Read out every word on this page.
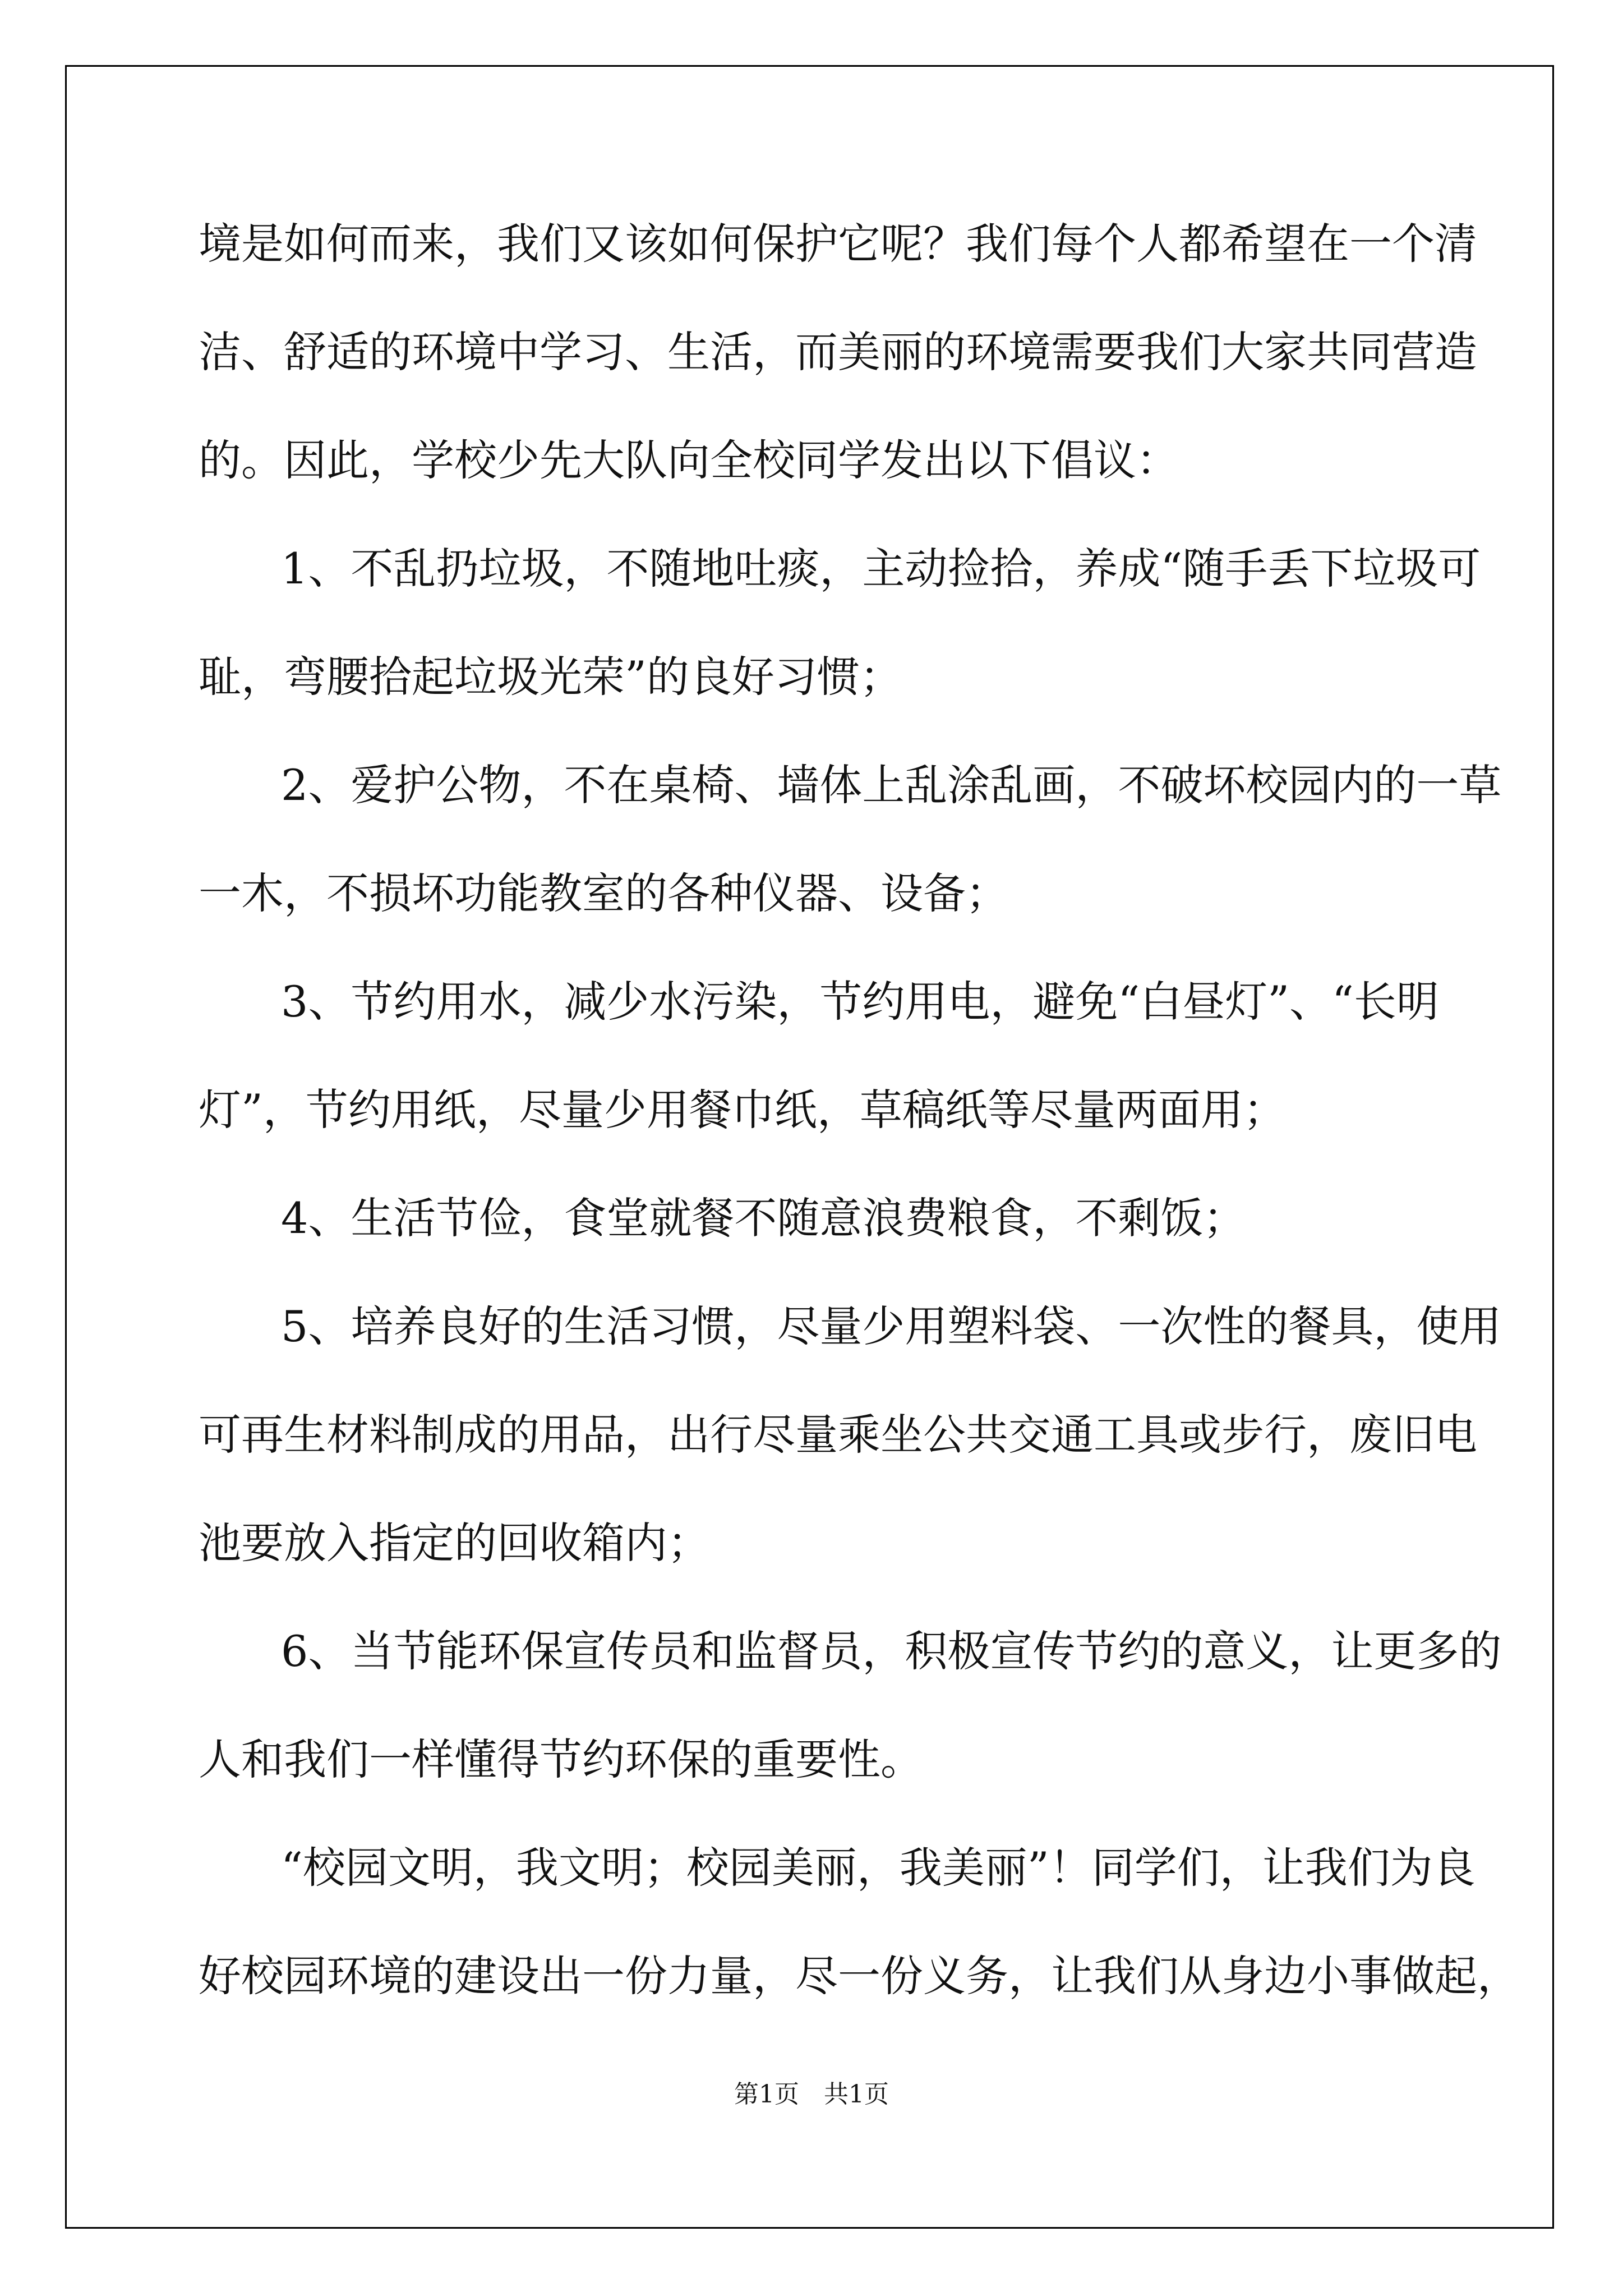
境是如何而来，我们又该如何保护它呢？我们每个人都希望在一个清
洁、舒适的环境中学习、生活，而美丽的环境需要我们大家共同营造
的。因此，学校少先大队向全校同学发出以下倡议：
1、不乱扔垃圾，不随地吐痰，主动捡拾，养成“随手丢下垃圾可
耻，弯腰拾起垃圾光荣”的良好习惯；
2、爱护公物，不在桌椅、墙体上乱涂乱画，不破坏校园内的一草
一木，不损坏功能教室的各种仪器、设备；
3、节约用水，减少水污染，节约用电，避免“白昼灯”、“长明
灯”，节约用纸，尽量少用餐巾纸，草稿纸等尽量两面用；
4、生活节俭，食堂就餐不随意浪费粮食，不剩饭；
5、培养良好的生活习惯，尽量少用塑料袋、一次性的餐具，使用
可再生材料制成的用品，出行尽量乘坐公共交通工具或步行，废旧电
池要放入指定的回收箱内；
6、当节能环保宣传员和监督员，积极宣传节约的意义，让更多的
人和我们一样懂得节约环保的重要性。
“校园文明，我文明；校园美丽，我美丽”！同学们，让我们为良
好校园环境的建设出一份力量，尽一份义务，让我们从身边小事做起，
第1页　共1页
